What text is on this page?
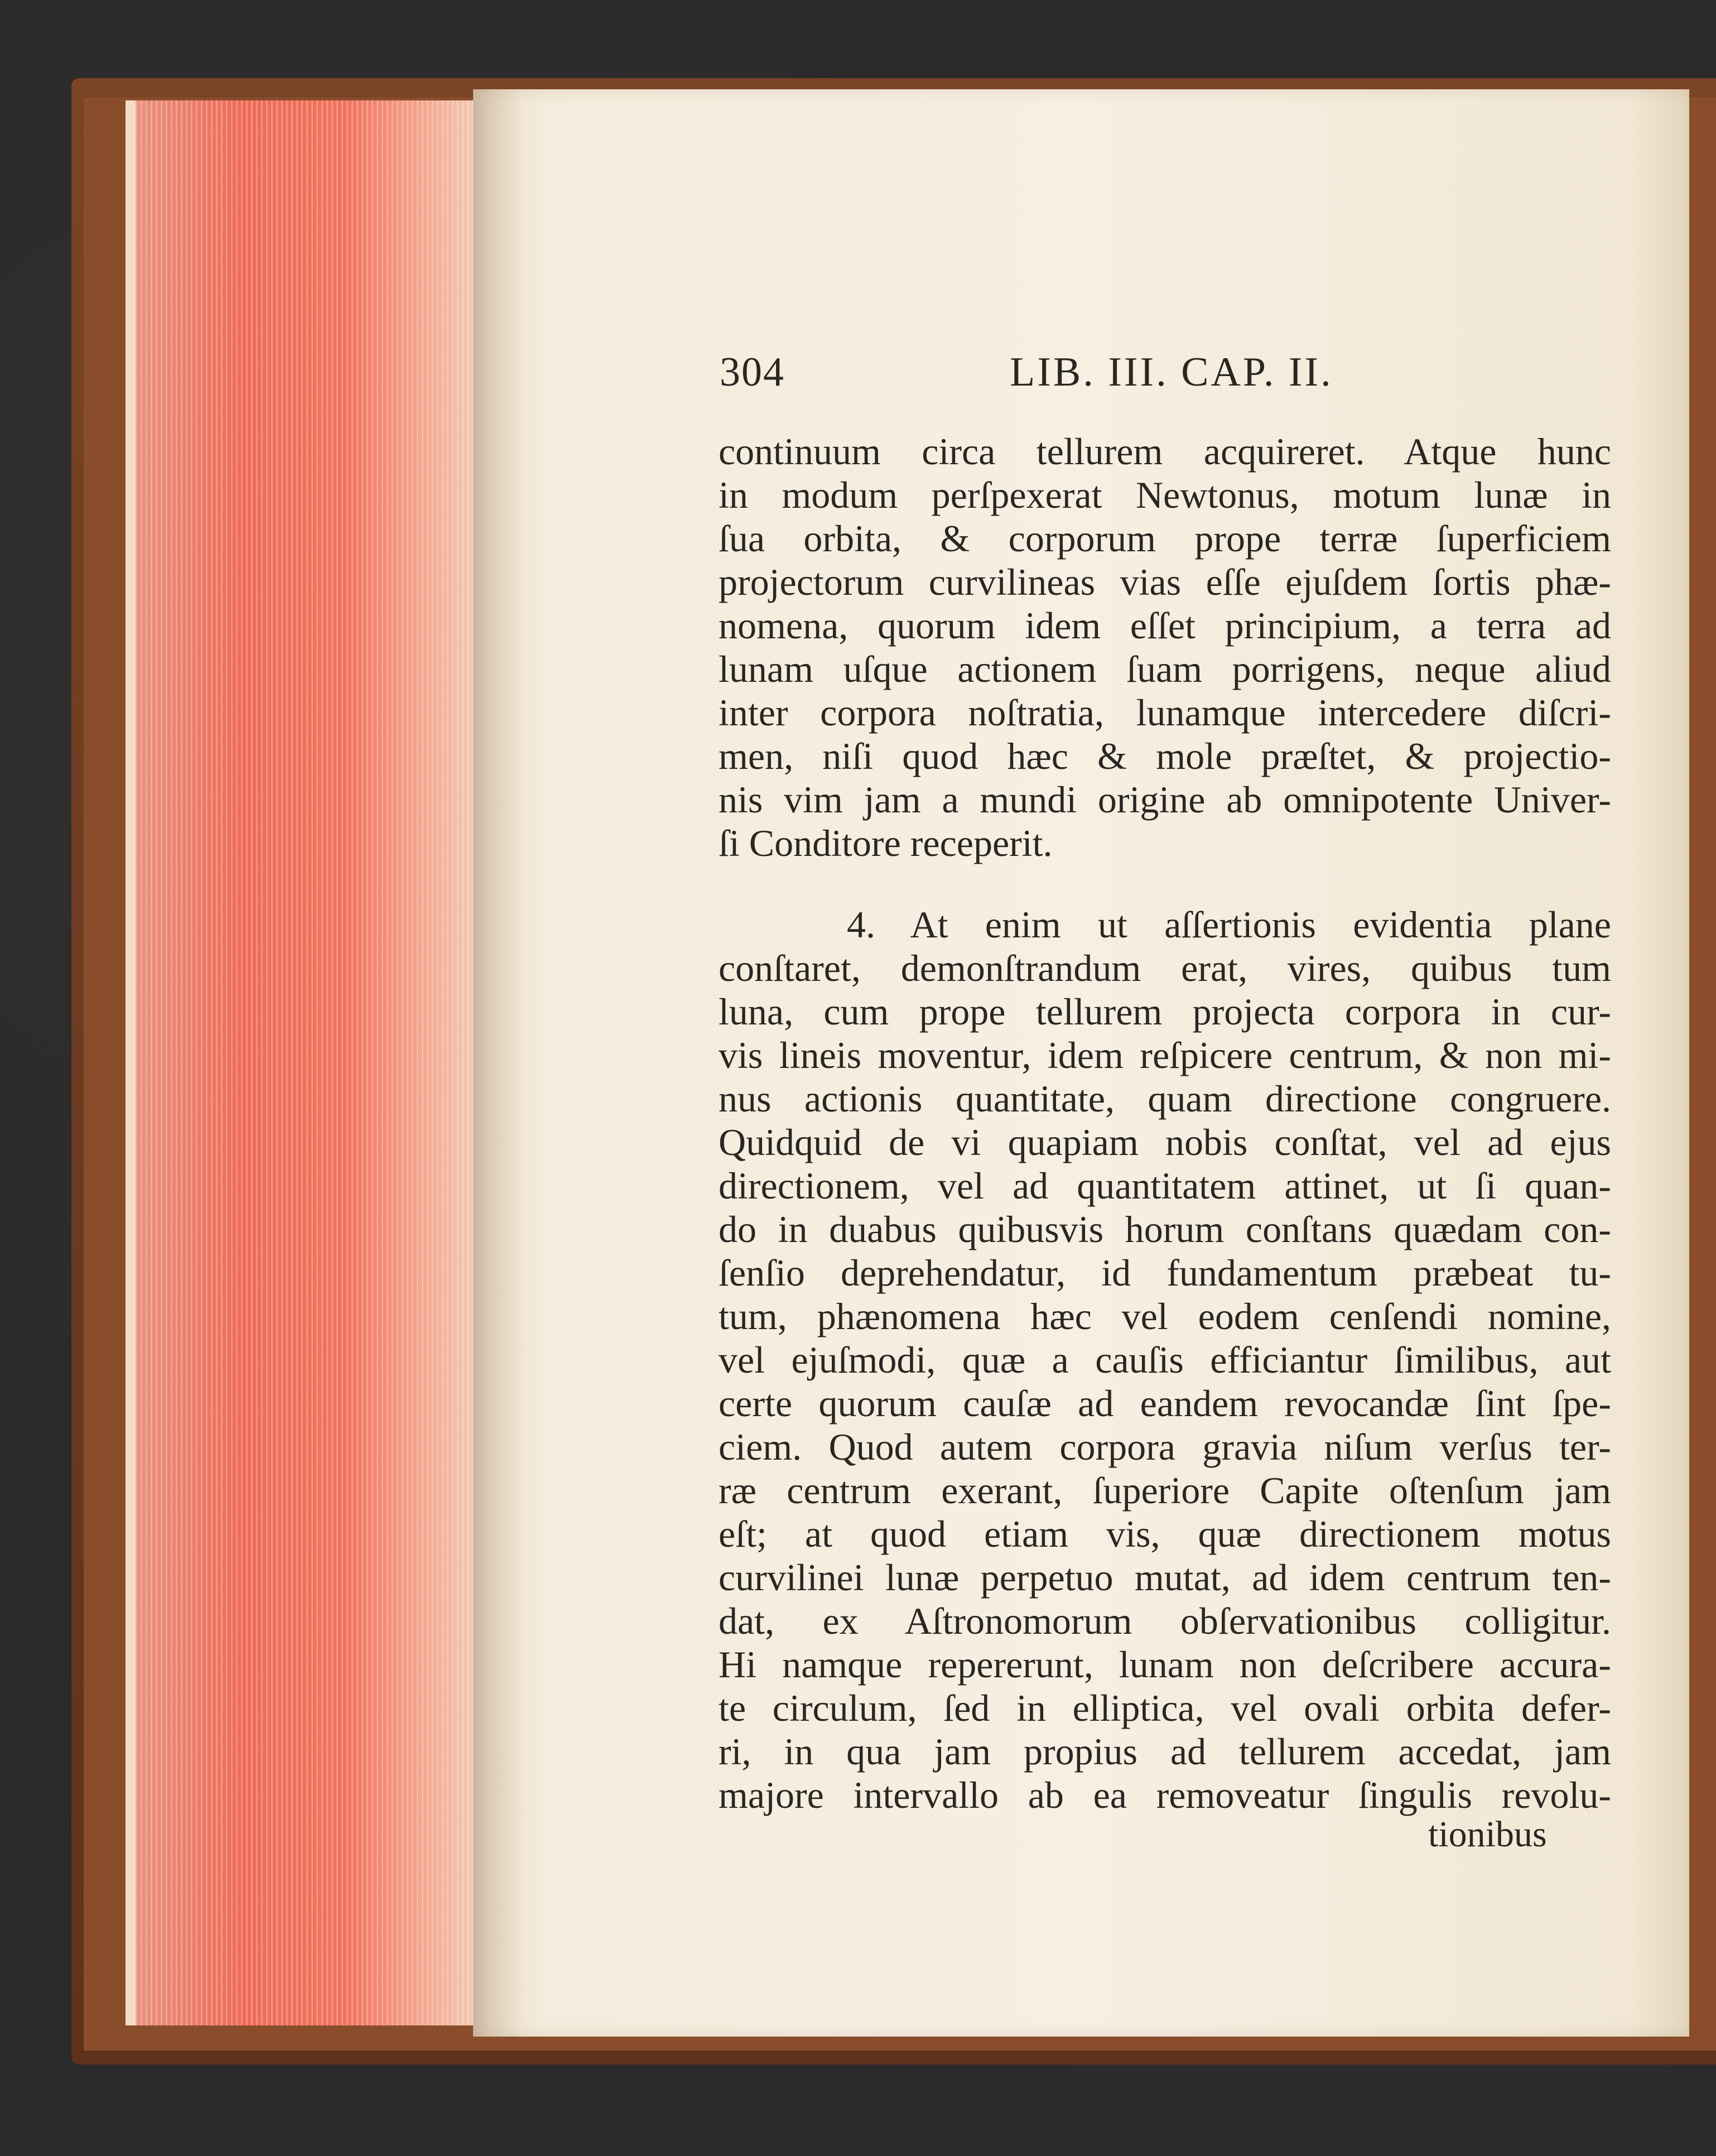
304	LIB. III. CAP. II.
continuum circa tellurem acquireret. Atque hunc
in modum perſpexerat Newtonus, motum lunæ in
ſua orbita, & corporum prope terræ ſuperficiem
projectorum curvilineas vias eſſe ejuſdem ſortis phæ-
nomena, quorum idem eſſet principium, a terra ad
lunam uſque actionem ſuam porrigens, neque aliud
inter corpora noſtratia, lunamque intercedere diſcri-
men, niſi quod hæc & mole præſtet, & projectio-
nis vim jam a mundi origine ab omnipotente Univer-
ſi Conditore receperit.
4. At enim ut aſſertionis evidentia plane
conſtaret, demonſtrandum erat, vires, quibus tum
luna, cum prope tellurem projecta corpora in cur-
vis lineis moventur, idem reſpicere centrum, & non mi-
nus actionis quantitate, quam directione congruere.
Quidquid de vi quapiam nobis conſtat, vel ad ejus
directionem, vel ad quantitatem attinet, ut ſi quan-
do in duabus quibusvis horum conſtans quædam con-
ſenſio deprehendatur, id fundamentum præbeat tu-
tum, phænomena hæc vel eodem cenſendi nomine,
vel ejuſmodi, quæ a cauſis efficiantur ſimilibus, aut
certe quorum cauſæ ad eandem revocandæ ſint ſpe-
ciem. Quod autem corpora gravia niſum verſus ter-
ræ centrum exerant, ſuperiore Capite oſtenſum jam
eſt; at quod etiam vis, quæ directionem motus
curvilinei lunæ perpetuo mutat, ad idem centrum ten-
dat, ex Aſtronomorum obſervationibus colligitur.
Hi namque repererunt, lunam non deſcribere accura-
te circulum, ſed in elliptica, vel ovali orbita defer-
ri, in qua jam propius ad tellurem accedat, jam
majore intervallo ab ea removeatur ſingulis revolu-
tionibus
